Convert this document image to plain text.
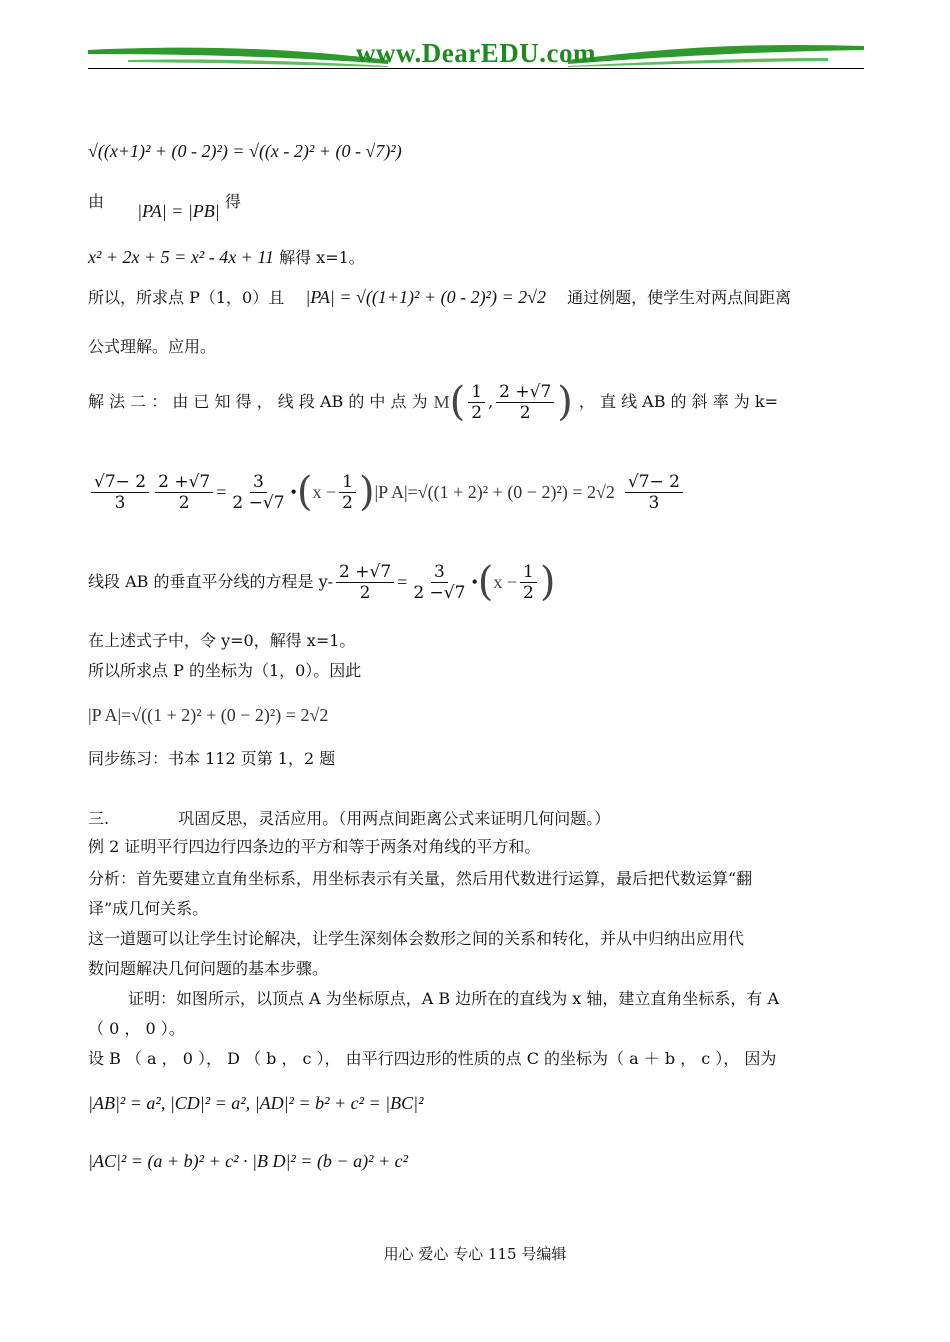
www.DearEDU.com
√((x+1)² + (0 - 2)²) = √((x - 2)² + (0 - √7)²)
由 |PA| = |PB| 得
x² + 2x + 5 = x² - 4x + 11 解得 x=1。
所以，所求点 P（1，0）且 |PA| = √((1+1)² + (0 - 2)²) = 2√2 通过例题，使学生对两点间距离
公式理解。应用。
解 法 二 ： 由 已 知 得 ， 线 段 AB 的 中 点 为 M ( $\frac{1}{2}$ , $\frac{2 +√7}{2}$ ) ， 直 线 AB 的 斜 率 为 k=
$\frac{√7- 2}{3} \frac{2 +√7}{2} = \frac{3}{2 -√7}$ • ( $x - \frac{1}{2}$ ) |P $A|=√((1 + 2)^2 + (0 - 2)^2) = 2√2 \frac{√7- 2}{3}$
线段 AB 的垂直平分线的方程是 $y- \frac{2 +√7}{2} = \frac{3}{2 -√7}$ • ( $x - \frac{1}{2}$ )
在上述式子中，令 y=0，解得 x=1。
所以所求点 P 的坐标为（1，0）。因此
|P A|=√((1 + 2)² + (0 − 2)²) = 2√2
同步练习：书本 112 页第 1，2 题
三.	巩固反思，灵活应用。（用两点间距离公式来证明几何问题。）
例 2 证明平行四边行四条边的平方和等于两条对角线的平方和。
分析：首先要建立直角坐标系，用坐标表示有关量，然后用代数进行运算，最后把代数运算“翻
译”成几何关系。
这一道题可以让学生讨论解决，让学生深刻体会数形之间的关系和转化，并从中归纳出应用代
数问题解决几何问题的基本步骤。
证明：如图所示，以顶点 A 为坐标原点，A B 边所在的直线为 x 轴，建立直角坐标系，有 A
（ 0 ， 0 ）。
设 B （ a ， 0 ）， D （ b ， c ）， 由平行四边形的性质的点 C 的坐标为（ a ＋ b ， c ）， 因为
|AB|² = a², |CD|² = a², |AD|² = b² + c² = |BC|²
|AC|² = (a + b)² + c² · |B D|² = (b − a)² + c²
用心 爱心 专心 115 号编辑
